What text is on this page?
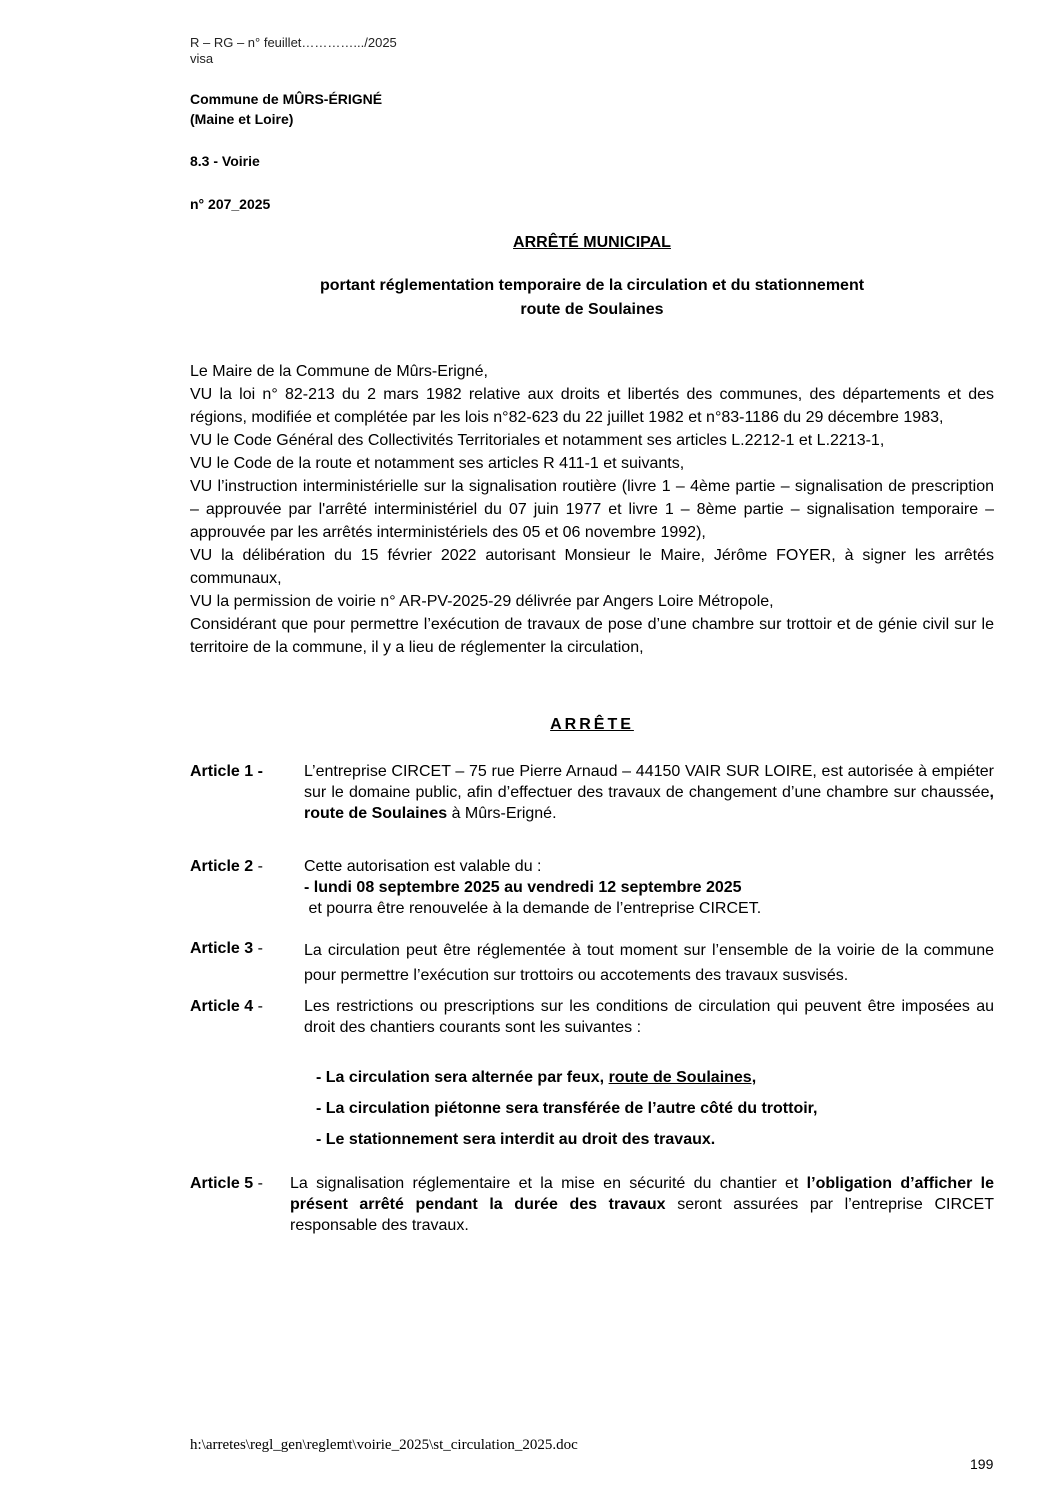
R – RG – n° feuillet………….../2025
visa
Commune de MÛRS-ÉRIGNÉ
(Maine et Loire)
8.3 - Voirie
n° 207_2025
ARRÊTÉ MUNICIPAL
portant réglementation temporaire de la circulation et du stationnement
route de Soulaines

Le Maire de la Commune de Mûrs-Erigné,

VU la loi n° 82-213 du 2 mars 1982 relative aux droits et libertés des communes, des départements et des régions, modifiée et complétée par les lois n°82-623 du 22 juillet 1982 et n°83-1186 du 29 décembre 1983,

VU le Code Général des Collectivités Territoriales et notamment ses articles L.2212-1 et L.2213-1,

VU le Code de la route et notamment ses articles R 411-1 et suivants,

VU l’instruction interministérielle sur la signalisation routière (livre 1 – 4ème partie – signalisation de prescription – approuvée par l'arrêté interministériel du 07 juin 1977 et livre 1 – 8ème partie – signalisation temporaire – approuvée par les arrêtés interministériels des 05 et 06 novembre 1992),

VU la délibération du 15 février 2022 autorisant Monsieur le Maire, Jérôme FOYER, à signer les arrêtés communaux,

VU la permission de voirie n° AR-PV-2025-29 délivrée par Angers Loire Métropole,

Considérant que pour permettre l’exécution de travaux de pose d’une chambre sur trottoir et de génie civil sur le territoire de la commune, il y a lieu de réglementer la circulation,

ARRÊTE
Article 1 -	L’entreprise CIRCET – 75 rue Pierre Arnaud – 44150 VAIR SUR LOIRE, est autorisée à empiéter sur le domaine public, afin d’effectuer des travaux de changement d’une chambre sur chaussée, route de Soulaines à Mûrs-Erigné.
Article 2 -	Cette autorisation est valable du :

- lundi 08 septembre 2025 au vendredi 12 septembre 2025

et pourra être renouvelée à la demande de l’entreprise CIRCET.

Article 3 -	La circulation peut être réglementée à tout moment sur l’ensemble de la voirie de la commune pour permettre l’exécution sur trottoirs ou accotements des travaux susvisés.
Article 4 -	Les restrictions ou prescriptions sur les conditions de circulation qui peuvent être imposées au droit des chantiers courants sont les suivantes :
- La circulation sera alternée par feux, route de Soulaines,
- La circulation piétonne sera transférée de l’autre côté du trottoir,
- Le stationnement sera interdit au droit des travaux.
Article 5 - La signalisation réglementaire et la mise en sécurité du chantier et l’obligation d’afficher le présent arrêté pendant la durée des travaux seront assurées par l’entreprise CIRCET responsable des travaux.
h:\arretes\regl_gen\reglemt\voirie_2025\st_circulation_2025.doc
199
